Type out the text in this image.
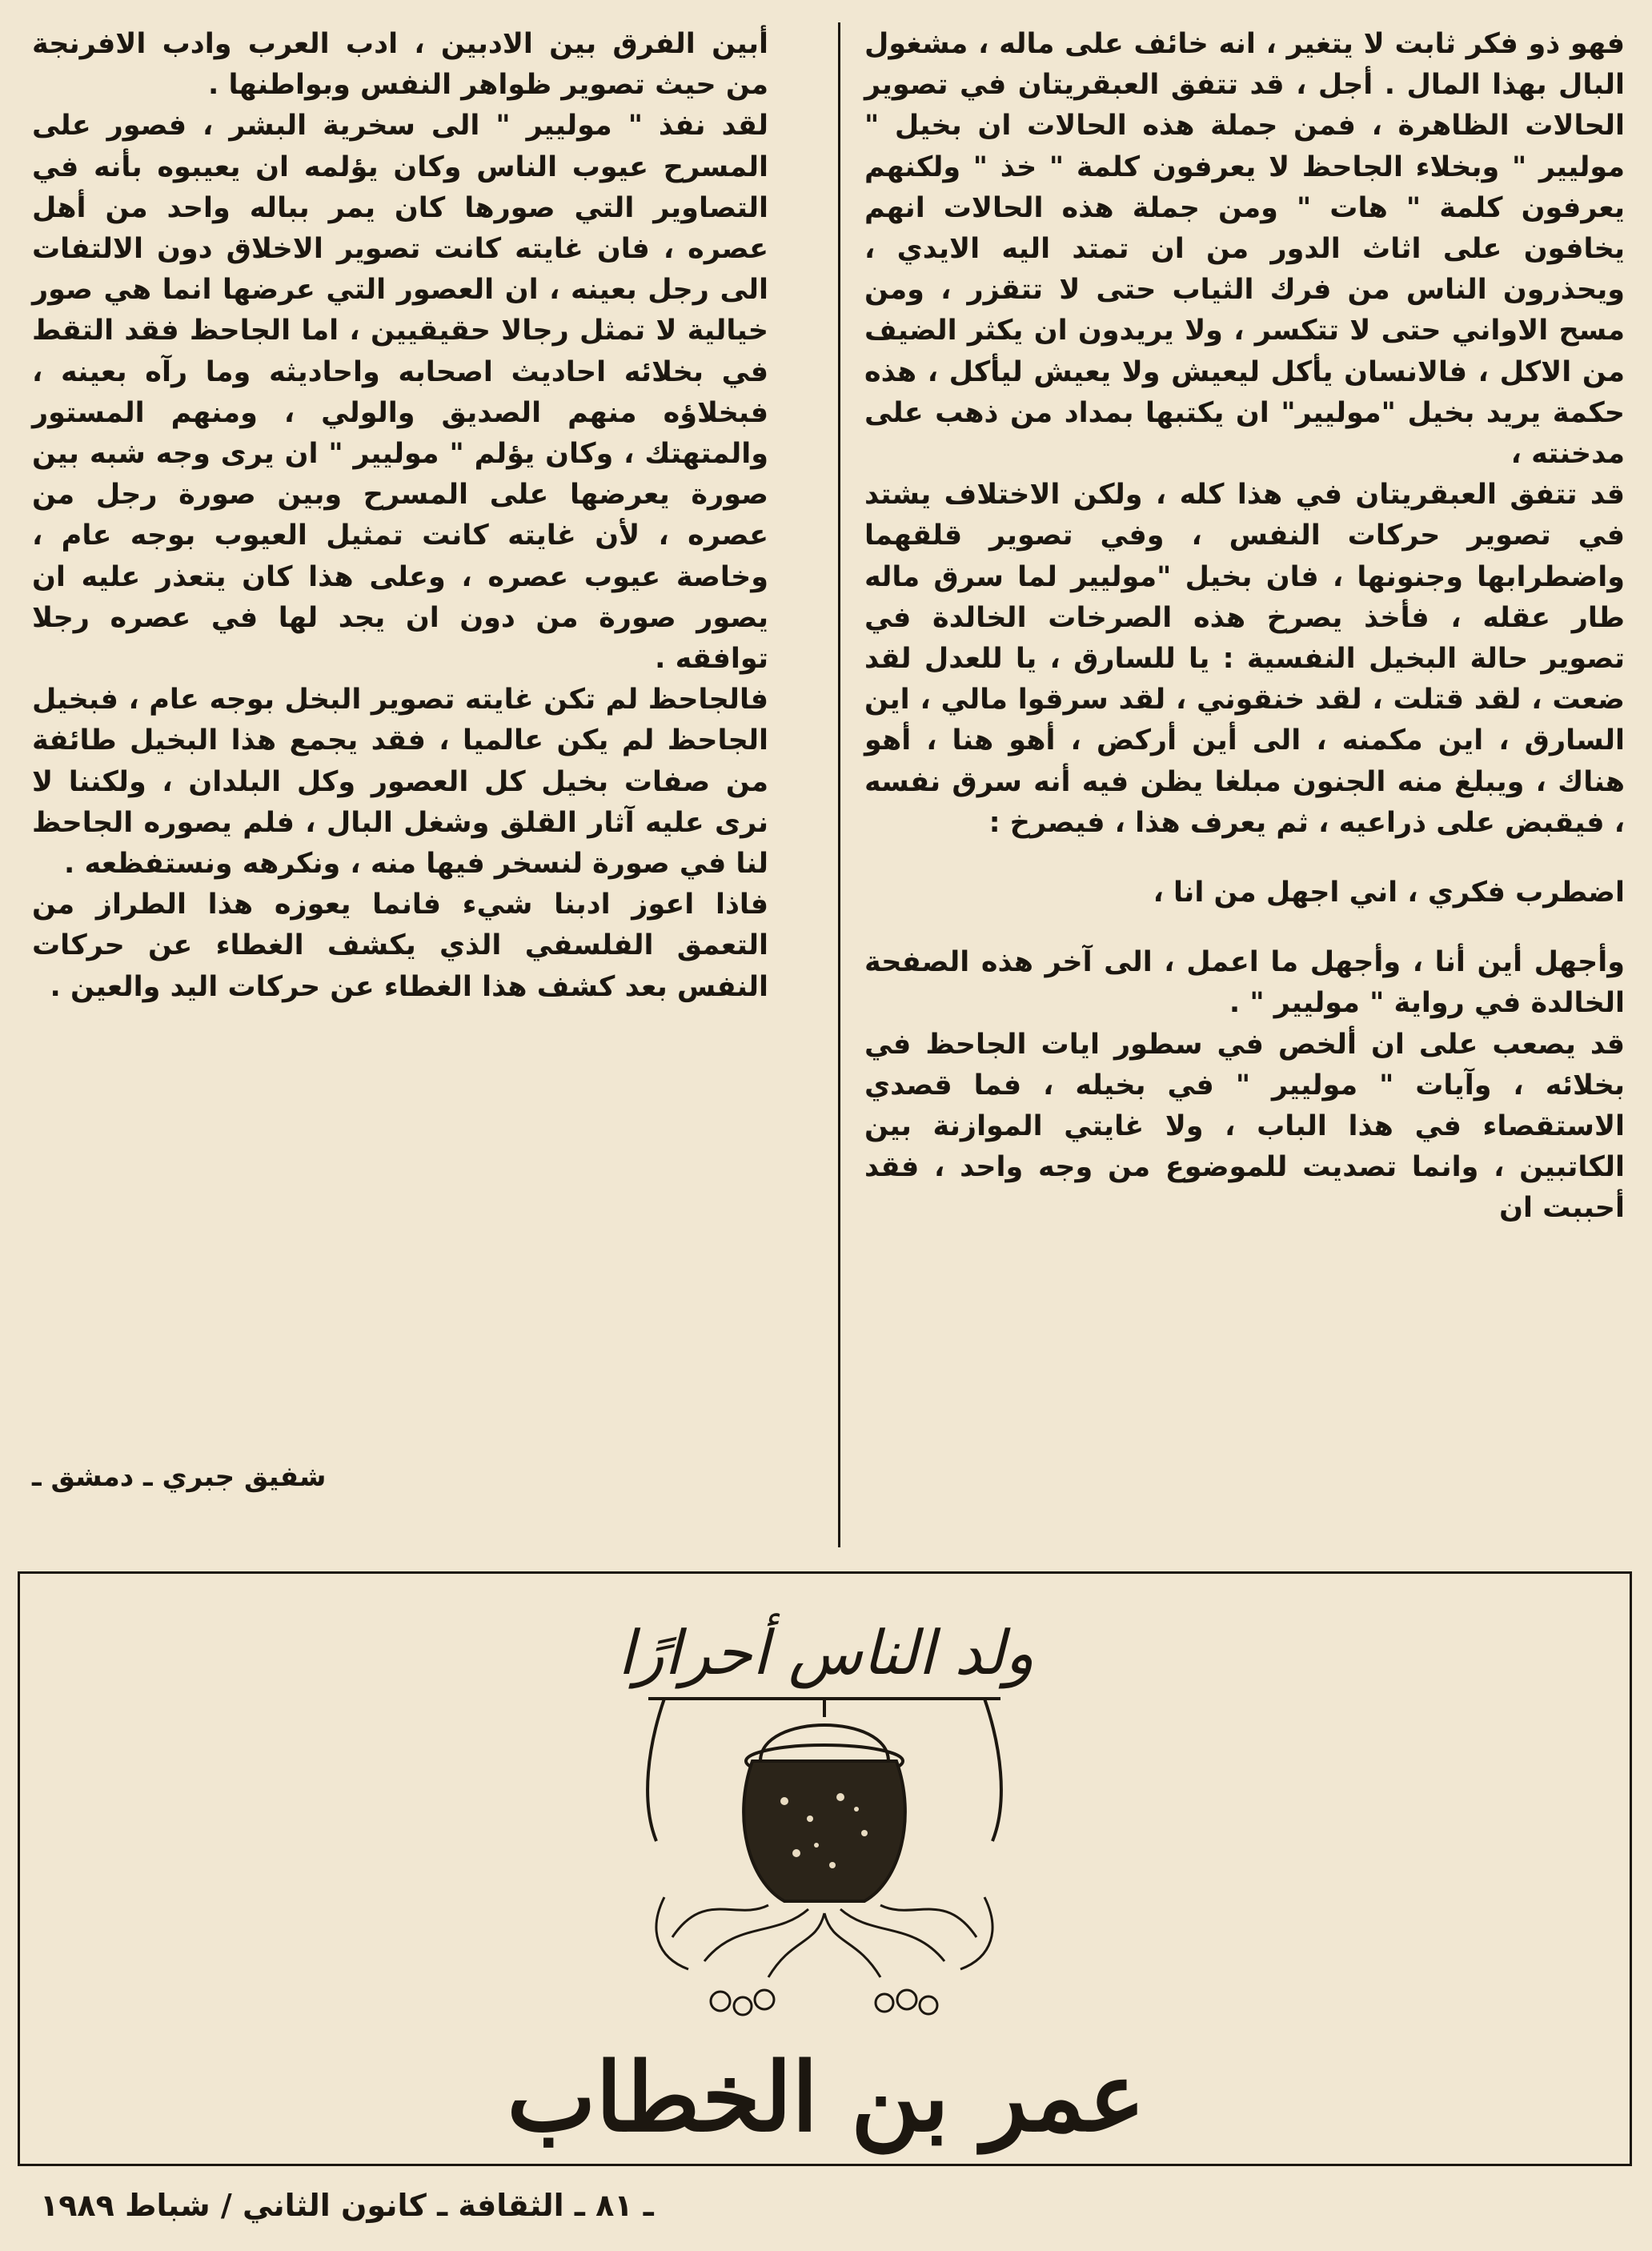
فهو ذو فكر ثابت لا يتغير ، انه خائف على ماله ، مشغول البال بهذا المال . أجل ، قد تتفق العبقريتان في تصوير الحالات الظاهرة ، فمن جملة هذه الحالات ان بخيل " موليير " وبخلاء الجاحظ لا يعرفون كلمة " خذ " ولكنهم يعرفون كلمة " هات " ومن جملة هذه الحالات انهم يخافون على اثاث الدور من ان تمتد اليه الايدي ، ويحذرون الناس من فرك الثياب حتى لا تتقزر ، ومن مسح الاواني حتى لا تتكسر ، ولا يريدون ان يكثر الضيف من الاكل ، فالانسان يأكل ليعيش ولا يعيش ليأكل ، هذه حكمة يريد بخيل "موليير" ان يكتبها بمداد من ذهب على مدخنته ،

قد تتفق العبقريتان في هذا كله ، ولكن الاختلاف يشتد في تصوير حركات النفس ، وفي تصوير قلقهما واضطرابها وجنونها ، فان بخيل "موليير لما سرق ماله طار عقله ، فأخذ يصرخ هذه الصرخات الخالدة في تصوير حالة البخيل النفسية : يا للسارق ، يا للعدل لقد ضعت ، لقد قتلت ، لقد خنقوني ، لقد سرقوا مالي ، اين السارق ، اين مكمنه ، الى أين أركض ، أهو هنا ، أهو هناك ، ويبلغ منه الجنون مبلغا يظن فيه أنه سرق نفسه ، فيقبض على ذراعيه ، ثم يعرف هذا ، فيصرخ :

اضطرب فكري ، اني اجهل من انا ،

وأجهل أين أنا ، وأجهل ما اعمل ، الى آخر هذه الصفحة الخالدة في رواية " موليير " .

قد يصعب على ان ألخص في سطور ايات الجاحظ في بخلائه ، وآيات " موليير " في بخيله ، فما قصدي الاستقصاء في هذا الباب ، ولا غايتي الموازنة بين الكاتبين ، وانما تصديت للموضوع من وجه واحد ، فقد أحببت ان

أبين الفرق بين الادبين ، ادب العرب وادب الافرنجة من حيث تصوير ظواهر النفس وبواطنها .

لقد نفذ " موليير " الى سخرية البشر ، فصور على المسرح عيوب الناس وكان يؤلمه ان يعيبوه بأنه في التصاوير التي صورها كان يمر بباله واحد من أهل عصره ، فان غايته كانت تصوير الاخلاق دون الالتفات الى رجل بعينه ، ان العصور التي عرضها انما هي صور خيالية لا تمثل رجالا حقيقيين ، اما الجاحظ فقد التقط في بخلائه احاديث اصحابه واحاديثه وما رآه بعينه ، فبخلاؤه منهم الصديق والولي ، ومنهم المستور والمتهتك ، وكان يؤلم " موليير " ان يرى وجه شبه بين صورة يعرضها على المسرح وبين صورة رجل من عصره ، لأن غايته كانت تمثيل العيوب بوجه عام ، وخاصة عيوب عصره ، وعلى هذا كان يتعذر عليه ان يصور صورة من دون ان يجد لها في عصره رجلا توافقه .

فالجاحظ لم تكن غايته تصوير البخل بوجه عام ، فبخيل الجاحظ لم يكن عالميا ، فقد يجمع هذا البخيل طائفة من صفات بخيل كل العصور وكل البلدان ، ولكننا لا نرى عليه آثار القلق وشغل البال ، فلم يصوره الجاحظ لنا في صورة لنسخر فيها منه ، ونكرهه ونستفظعه .

فاذا اعوز ادبنا شيء فانما يعوزه هذا الطراز من التعمق الفلسفي الذي يكشف الغطاء عن حركات النفس بعد كشف هذا الغطاء عن حركات اليد والعين .

شفيق جبري ـ دمشق ـ
ولد الناس أحرارًا
عمر بن الخطاب
ـ ٨١ ـ الثقافة ـ كانون الثاني / شباط ١٩٨٩
